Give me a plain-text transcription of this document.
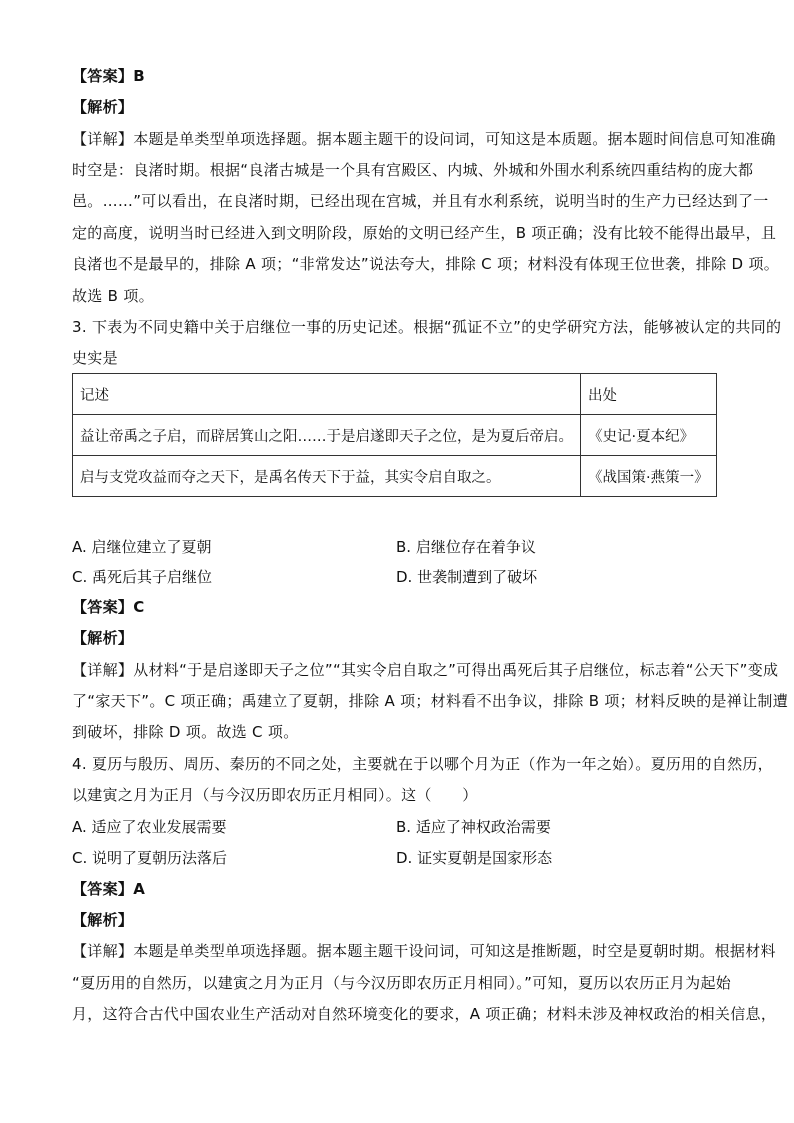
【答案】B
【解析】
【详解】本题是单类型单项选择题。据本题主题干的设问词，可知这是本质题。据本题时间信息可知准确
时空是：良渚时期。根据“良渚古城是一个具有宫殿区、内城、外城和外围水利系统四重结构的庞大都
邑。……”可以看出，在良渚时期，已经出现在宫城，并且有水利系统，说明当时的生产力已经达到了一
定的高度，说明当时已经进入到文明阶段，原始的文明已经产生，B 项正确；没有比较不能得出最早，且
良渚也不是最早的，排除 A 项；“非常发达”说法夸大，排除 C 项；材料没有体现王位世袭，排除 D 项。
故选 B 项。
3. 下表为不同史籍中关于启继位一事的历史记述。根据“孤证不立”的史学研究方法，能够被认定的共同的
史实是
记述	出处
益让帝禹之子启，而辟居箕山之阳……于是启遂即天子之位，是为夏后帝启。	《史记·夏本纪》
启与支党攻益而夺之天下，是禹名传天下于益，其实令启自取之。	《战国策·燕策一》
A. 启继位建立了夏朝	B. 启继位存在着争议
C. 禹死后其子启继位	D. 世袭制遭到了破坏
【答案】C
【解析】
【详解】从材料“于是启遂即天子之位”“其实令启自取之”可得出禹死后其子启继位，标志着“公天下”变成
了“家天下”。C 项正确；禹建立了夏朝，排除 A 项；材料看不出争议，排除 B 项；材料反映的是禅让制遭
到破坏，排除 D 项。故选 C 项。
4. 夏历与殷历、周历、秦历的不同之处，主要就在于以哪个月为正（作为一年之始）。夏历用的自然历，
以建寅之月为正月（与今汉历即农历正月相同）。这（　　）
A. 适应了农业发展需要	B. 适应了神权政治需要
C. 说明了夏朝历法落后	D. 证实夏朝是国家形态
【答案】A
【解析】
【详解】本题是单类型单项选择题。据本题主题干设问词，可知这是推断题，时空是夏朝时期。根据材料
“夏历用的自然历，以建寅之月为正月（与今汉历即农历正月相同）。”可知，夏历以农历正月为起始
月，这符合古代中国农业生产活动对自然环境变化的要求，A 项正确；材料未涉及神权政治的相关信息，
